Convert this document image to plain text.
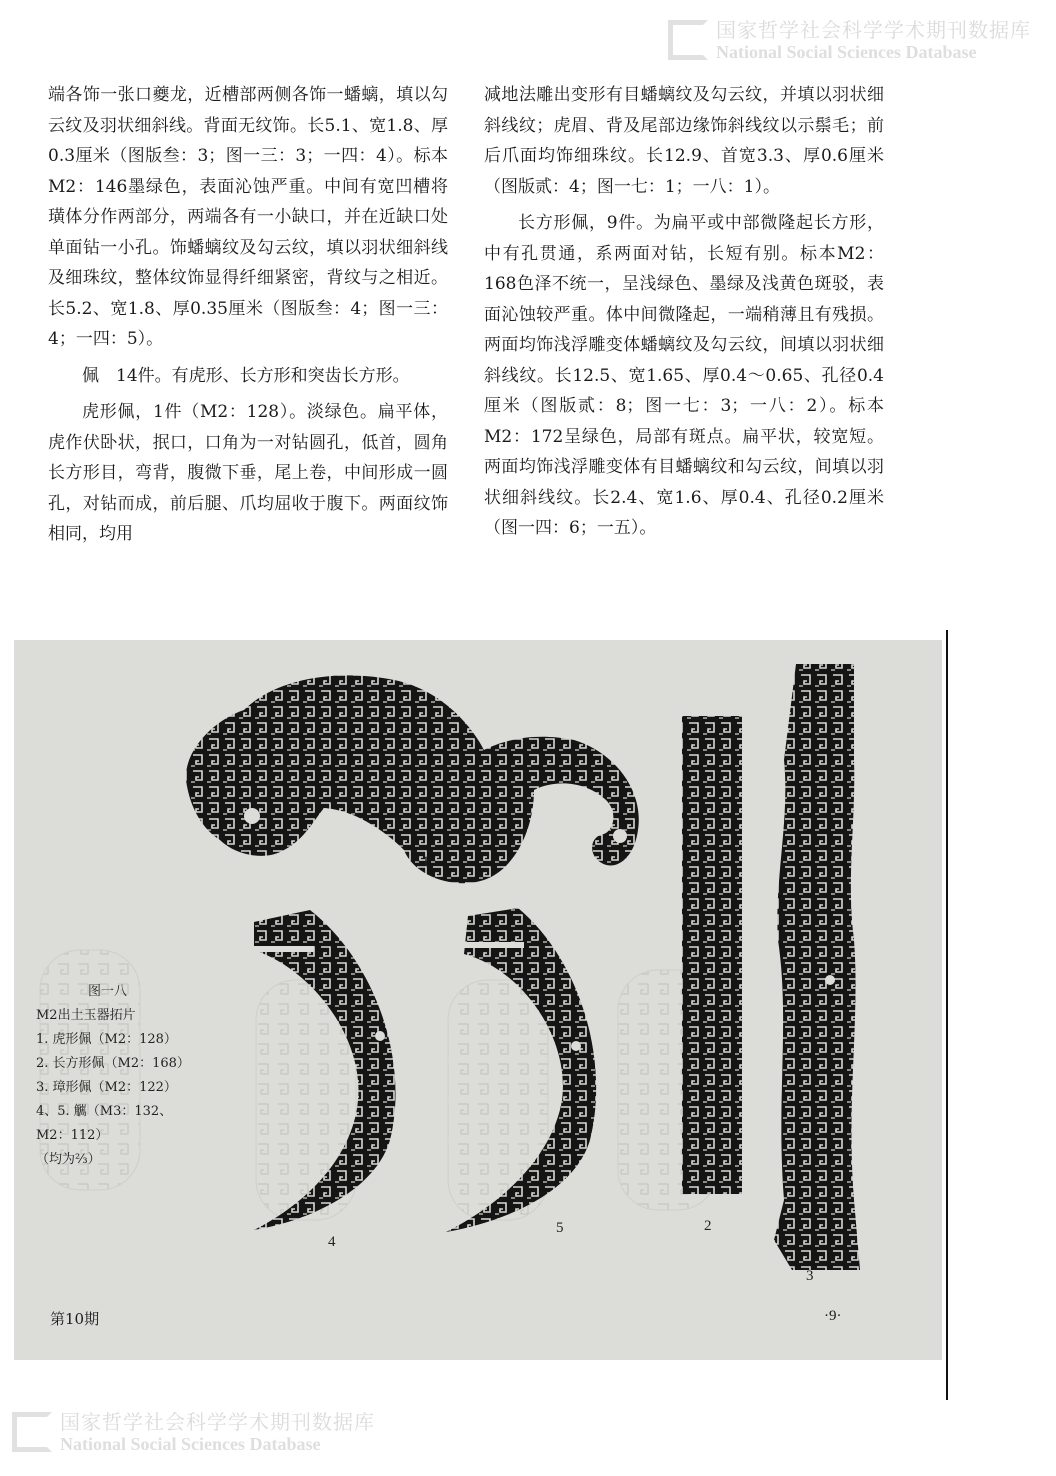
国家哲学社会科学学术期刊数据库
National Social Sciences Database

端各饰一张口夔龙，近槽部两侧各饰一蟠螭，填以勾云纹及羽状细斜线。背面无纹饰。长5.1、宽1.8、厚0.3厘米（图版叁：3；图一三：3；一四：4）。标本M2：146墨绿色，表面沁蚀严重。中间有宽凹槽将璜体分作两部分，两端各有一小缺口，并在近缺口处单面钻一小孔。饰蟠螭纹及勾云纹，填以羽状细斜线及细珠纹，整体纹饰显得纤细紧密，背纹与之相近。长5.2、宽1.8、厚0.35厘米（图版叁：4；图一三：4；一四：5）。

佩　14件。有虎形、长方形和突齿长方形。

虎形佩，1件（M2：128）。淡绿色。扁平体，虎作伏卧状，抿口，口角为一对钻圆孔，低首，圆角长方形目，弯背，腹微下垂，尾上卷，中间形成一圆孔，对钻而成，前后腿、爪均屈收于腹下。两面纹饰相同，均用

减地法雕出变形有目蟠螭纹及勾云纹，并填以羽状细斜线纹；虎眉、背及尾部边缘饰斜线纹以示鬃毛；前后爪面均饰细珠纹。长12.9、首宽3.3、厚0.6厘米（图版贰：4；图一七：1；一八：1）。

长方形佩，9件。为扁平或中部微隆起长方形，中有孔贯通，系两面对钻，长短有别。标本M2：168色泽不统一，呈浅绿色、墨绿及浅黄色斑驳，表面沁蚀较严重。体中间微隆起，一端稍薄且有残损。两面均饰浅浮雕变体蟠螭纹及勾云纹，间填以羽状细斜线纹。长12.5、宽1.65、厚0.4～0.65、孔径0.4厘米（图版贰：8；图一七：3；一八：2）。标本M2：172呈绿色，局部有斑点。扁平状，较宽短。两面均饰浅浮雕变体有目蟠螭纹和勾云纹，间填以羽状细斜线纹。长2.4、宽1.6、厚0.4、孔径0.2厘米（图一四：6；一五）。

1
2
3
4
5
图一八
M2出土玉器拓片
1. 虎形佩（M2：128）
2. 长方形佩（M2：168）
3. 璋形佩（M2：122）
4、5. 觽（M3：132、
M2：112）
（均为⅔）
第10期	·9·
国家哲学社会科学学术期刊数据库
National Social Sciences Database
